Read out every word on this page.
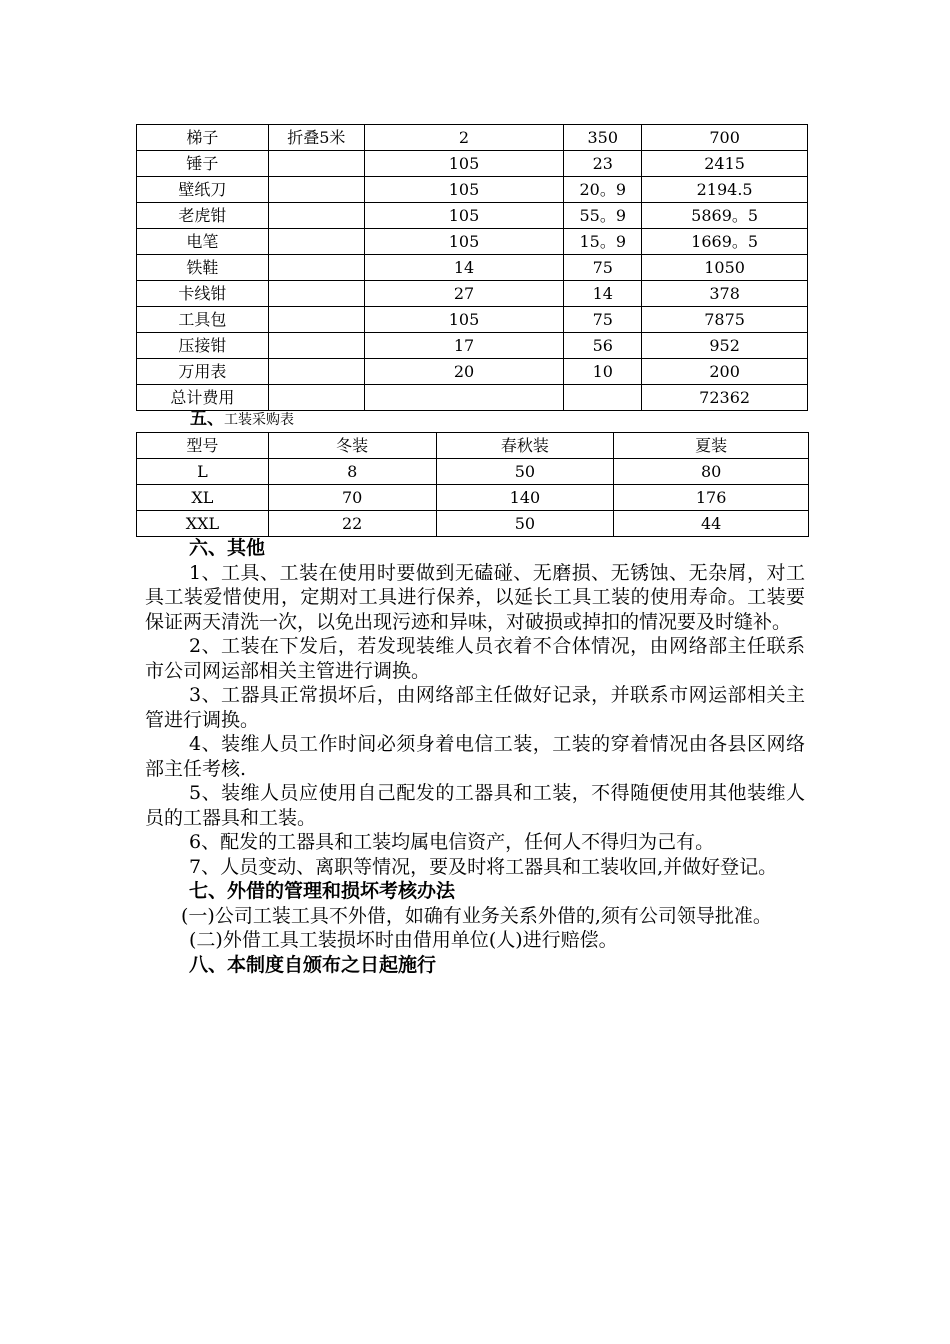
梯子	折叠5米	2	350	700
锤子		105	23	2415
壁纸刀		105	20。9	2194.5
老虎钳		105	55。9	5869。5
电笔		105	15。9	1669。5
铁鞋		14	75	1050
卡线钳		27	14	378
工具包		105	75	7875
压接钳		17	56	952
万用表		20	10	200
总计费用				72362
五、工装采购表
型号	冬装	春秋装	夏装
L	8	50	80
XL	70	140	176
XXL	22	50	44

六、其他

1、工具、工装在使用时要做到无磕碰、无磨损、无锈蚀、无杂屑，对工具工装爱惜使用，定期对工具进行保养，以延长工具工装的使用寿命。工装要保证两天清洗一次，以免出现污迹和异味，对破损或掉扣的情况要及时缝补。

2、工装在下发后，若发现装维人员衣着不合体情况，由网络部主任联系市公司网运部相关主管进行调换。

3、工器具正常损坏后，由网络部主任做好记录，并联系市网运部相关主管进行调换。

4、装维人员工作时间必须身着电信工装，工装的穿着情况由各县区网络部主任考核.

5、装维人员应使用自己配发的工器具和工装，不得随便使用其他装维人员的工器具和工装。

6、配发的工器具和工装均属电信资产，任何人不得归为己有。

7、人员变动、离职等情况，要及时将工器具和工装收回,并做好登记。

七、外借的管理和损坏考核办法

(一)公司工装工具不外借，如确有业务关系外借的,须有公司领导批准。

(二)外借工具工装损坏时由借用单位(人)进行赔偿。

八、本制度自颁布之日起施行
